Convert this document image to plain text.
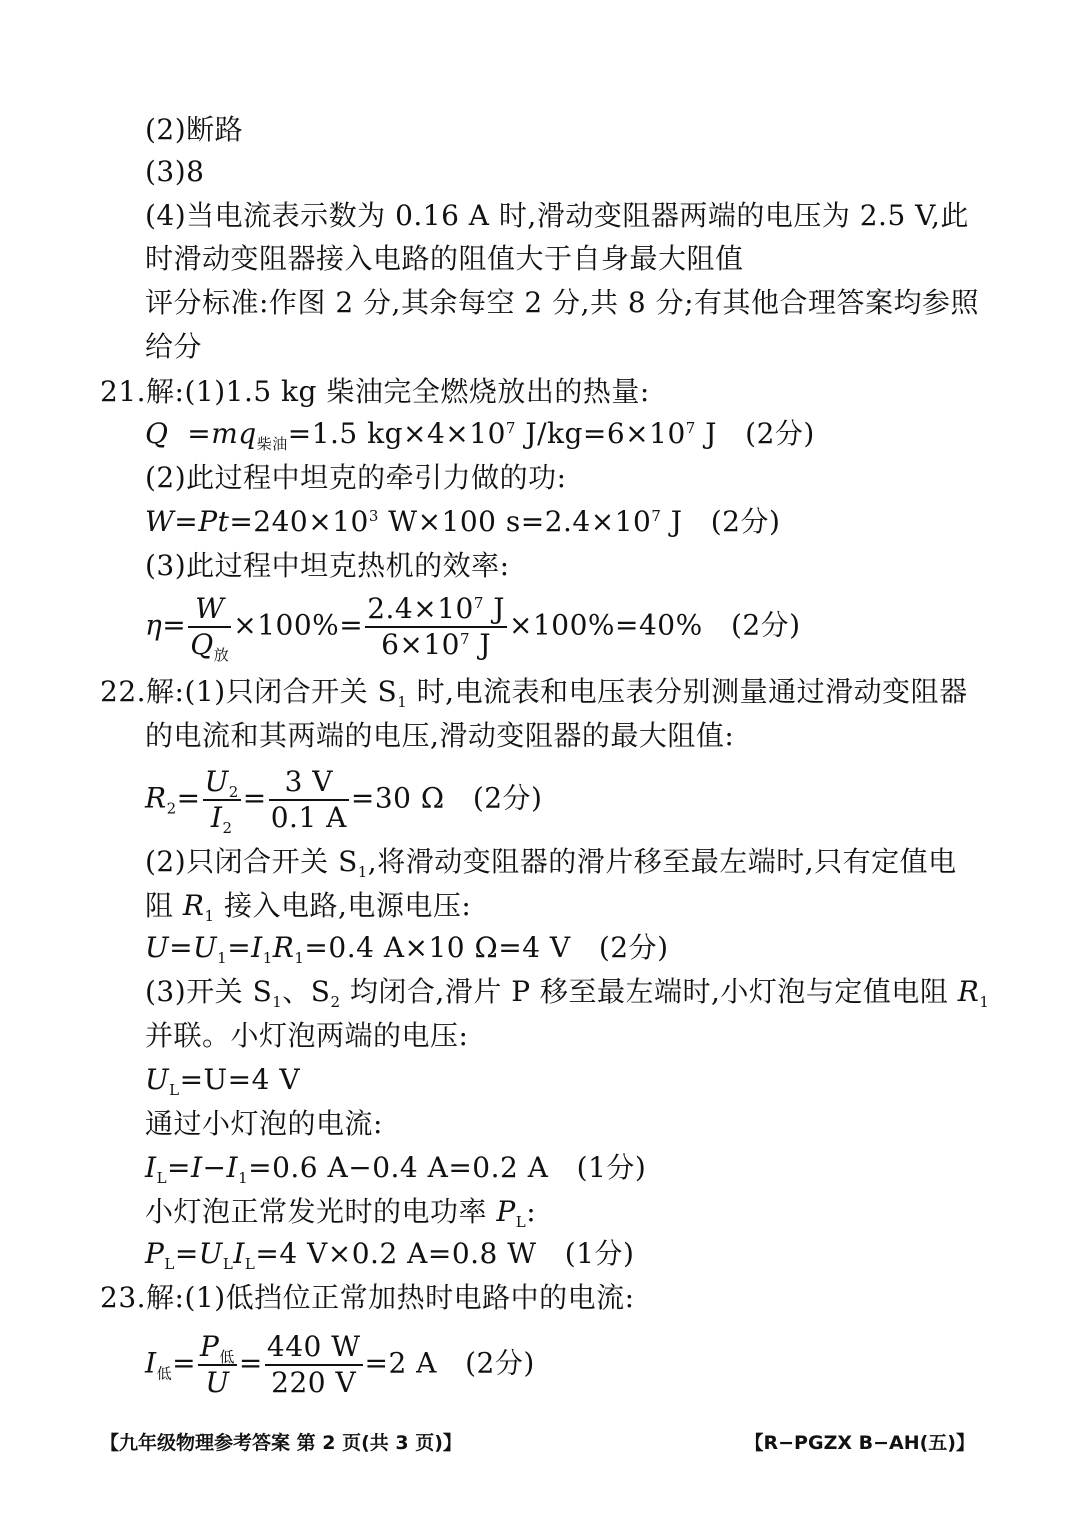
(2)断路
(3)8
(4)当电流表示数为 0.16 A 时,滑动变阻器两端的电压为 2.5 V,此
时滑动变阻器接入电路的阻值大于自身最大阻值
评分标准:作图 2 分,其余每空 2 分,共 8 分;有其他合理答案均参照
给分
21.解:(1)1.5 kg 柴油完全燃烧放出的热量:
$Q =mq_{柴油}=1.5$ $kg\times 4\times 10^7$ $J/kg=6\times 10^7$ J (2分)
(2)此过程中坦克的牵引力做的功:
$W=Pt=240\times 10^3$ W×100 $s=2.4\times 10^7$ J (2分)
(3)此过程中坦克热机的效率:
$\eta= \frac{W}{Q_放} \times 100\%= \frac{2.4\times 10^7 J}{6\times 10^7 J} \times 100\%=40\%$ (2分)
22.解:(1)只闭合开关 $S_1$ 时,电流表和电压表分别测量通过滑动变阻器
的电流和其两端的电压,滑动变阻器的最大阻值:
$R_2= \frac{U_2}{I_2} = \frac{3 V}{0.1 A} =30$ Ω (2分)
(2)只闭合开关 $S_1$,将滑动变阻器的滑片移至最左端时,只有定值电
阻 $R_1$ 接入电路,电源电压:
$U=U_1=I_1R_1=0.4$ A×10 Ω=4 V (2分)
(3)开关 $S_1$、$S_2$ 均闭合,滑片 P 移至最左端时,小灯泡与定值电阻 $R_1$
并联。小灯泡两端的电压:
$U_L=U=4$ V
通过小灯泡的电流:
$I_L=I-I_1=0.6$ A−0.4 A=0.2 A (1分)
小灯泡正常发光时的电功率 $P_L$:
$P_L=U_LI_L=4$ V×0.2 A=0.8 W (1分)
23.解:(1)低挡位正常加热时电路中的电流:
$I_低= \frac{P_低}{U} = \frac{440 W}{220 V} =2$ A (2分)
【九年级物理参考答案 第 2 页(共 3 页)】	【R−PGZX B−AH(五)】
